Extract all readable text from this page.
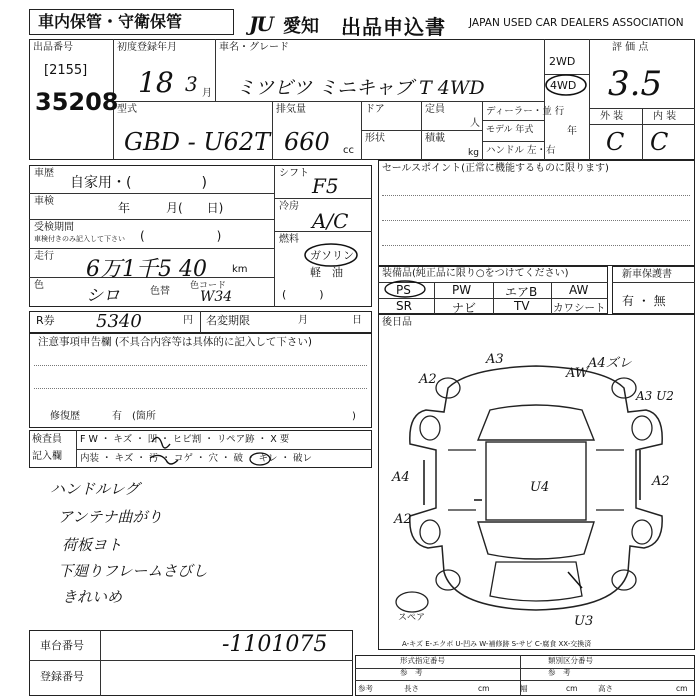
車内保管・守衛保管	JU 愛知 出品申込書 JAPAN USED CAR DEALERS ASSOCIATION
出品番号
[2155]
35208
初度登録年月
18 3 月
車名・グレード
ミツビツ ミニキャブ T 4WD
2WD
4WD
評 価 点
3.5
型式
GBD - U62T
排気量
660 cc
ドア	定員
人
形状	積載
kg
ディーラー・並 行
モデル 年式	年
ハンドル 左・右
外 装	内 装
C C
車歴
自家用・(　　　　　)
車検	年　　　月(　　日)
受検期間
車検付きのみ記入して下さい (　　　　　　)
走行
6万1千5 40	km
色
シロ	色替 色コード
W34
シフト
F5
冷房
A/C
燃料
ガソリン
軽　油
(　　　)
セールスポイント(正常に機能するものに限ります)
装備品(純正品に限り○をつけてください)
PS	PW	エアB	AW
SR	ナビ	TV カワシート
新車保護書
有 ・ 無
R券 5340	円 名変期限	月	日
注意事項申告欄 (不具合内容等は具体的に記入して下さい)
修復歴	有　(箇所	)
検査員
記入欄
F W ・ キズ ・ 凹 ・ ヒビ割 ・ リペア跡 ・ X 要
内装 ・ キズ ・ 汚 ・ コゲ ・ 穴 ・ 破 ・ キレ ・ 破レ
ハンドルレグ
アンテナ曲がり
荷板ヨト
下廻りフレームさびし
きれいめ
後日品
A3	A4ズレ
A2	AW
A3 U2
A4
U4	A2
A2
U3
スペア
A-キズ E-エクボ U-凹み W-補修跡 S-サビ C-腐食 XX-交換済
車台番号	-1101075
登録番号
形式指定番号
参　考
類別区分番号
参　考
参考	長さ	cm	幅	cm	高さ	cm
